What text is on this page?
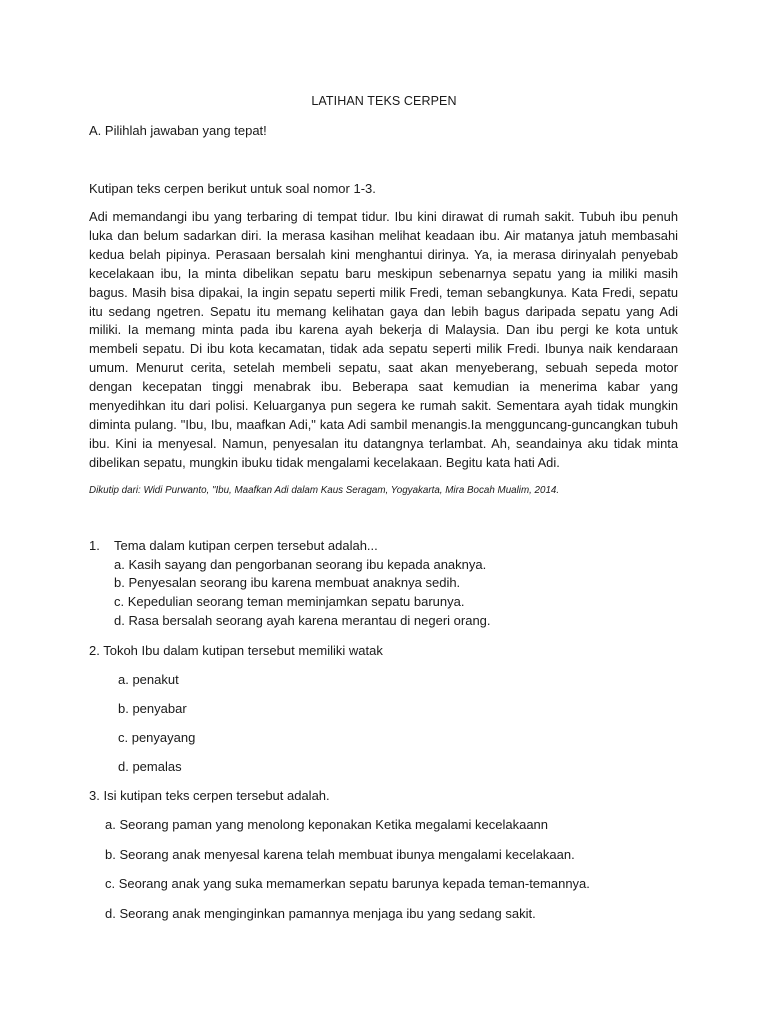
LATIHAN TEKS CERPEN
A. Pilihlah jawaban yang tepat!
Kutipan teks cerpen berikut untuk soal nomor 1-3.

Adi memandangi ibu yang terbaring di tempat tidur. Ibu kini dirawat di rumah sakit. Tubuh ibu penuh luka dan belum sadarkan diri. Ia merasa kasihan melihat keadaan ibu. Air matanya jatuh membasahi kedua belah pipinya. Perasaan bersalah kini menghantui dirinya. Ya, ia merasa dirinyalah penyebab kecelakaan ibu, Ia minta dibelikan sepatu baru meskipun sebenarnya sepatu yang ia miliki masih bagus. Masih bisa dipakai, Ia ingin sepatu seperti milik Fredi, teman sebangkunya. Kata Fredi, sepatu itu sedang ngetren. Sepatu itu memang kelihatan gaya dan lebih bagus daripada sepatu yang Adi miliki. Ia memang minta pada ibu karena ayah bekerja di Malaysia. Dan ibu pergi ke kota untuk membeli sepatu. Di ibu kota kecamatan, tidak ada sepatu seperti milik Fredi. Ibunya naik kendaraan umum. Menurut cerita, setelah membeli sepatu, saat akan menyeberang, sebuah sepeda motor dengan kecepatan tinggi menabrak ibu. Beberapa saat kemudian ia menerima kabar yang menyedihkan itu dari polisi. Keluarganya pun segera ke rumah sakit. Sementara ayah tidak mungkin diminta pulang. "Ibu, Ibu, maafkan Adi," kata Adi sambil menangis.Ia mengguncang-guncangkan tubuh ibu. Kini ia menyesal. Namun, penyesalan itu datangnya terlambat. Ah, seandainya aku tidak minta dibelikan sepatu, mungkin ibuku tidak mengalami kecelakaan. Begitu kata hati Adi.

Dikutip dari: Widi Purwanto, "Ibu, Maafkan Adi dalam Kaus Seragam, Yogyakarta, Mira Bocah Mualim, 2014.
1. Tema dalam kutipan cerpen tersebut adalah...
a. Kasih sayang dan pengorbanan seorang ibu kepada anaknya.
b. Penyesalan seorang ibu karena membuat anaknya sedih.
c. Kepedulian seorang teman meminjamkan sepatu barunya.
d. Rasa bersalah seorang ayah karena merantau di negeri orang.
2. Tokoh Ibu dalam kutipan tersebut memiliki watak
a. penakut
b. penyabar
c. penyayang
d. pemalas
3. Isi kutipan teks cerpen tersebut adalah.
a. Seorang paman yang menolong keponakan Ketika megalami kecelakaann
b. Seorang anak menyesal karena telah membuat ibunya mengalami kecelakaan.
c. Seorang anak yang suka memamerkan sepatu barunya kepada teman-temannya.
d. Seorang anak menginginkan pamannya menjaga ibu yang sedang sakit.
